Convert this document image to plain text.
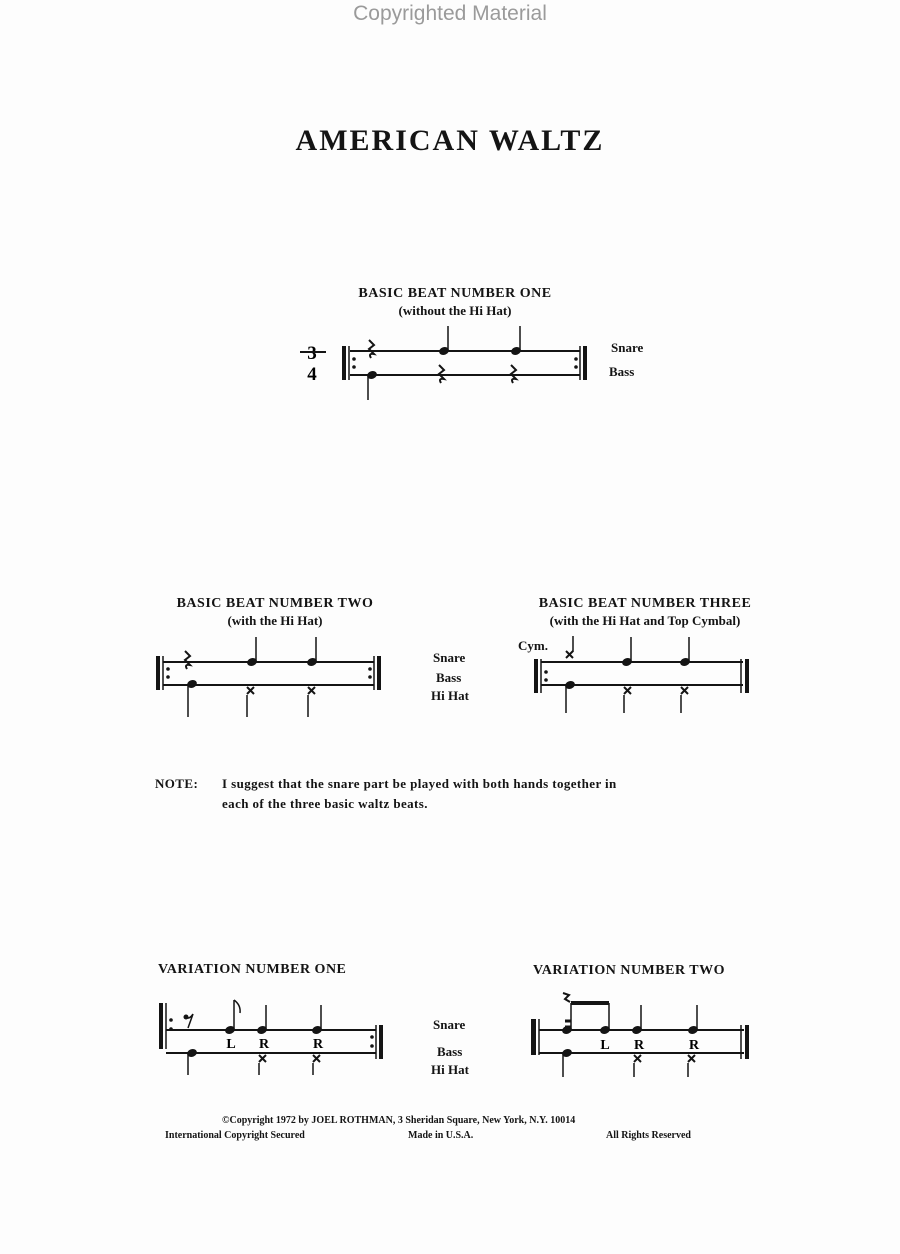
Copyrighted Material
AMERICAN WALTZ
BASIC BEAT NUMBER ONE
(without the Hi Hat)
3
4
Snare
Bass
BASIC BEAT NUMBER TWO
(with the Hi Hat)
Snare
Bass
Hi Hat
BASIC BEAT NUMBER THREE
(with the Hi Hat and Top Cymbal)
Cym.
NOTE: I suggest that the snare part be played with both hands together in
each of the three basic waltz beats.
VARIATION NUMBER ONE
L R	R
Snare
Bass
Hi Hat
VARIATION NUMBER TWO
L R	R
©Copyright 1972 by JOEL ROTHMAN, 3 Sheridan Square, New York, N.Y. 10014
International Copyright Secured	Made in U.S.A.	All Rights Reserved
